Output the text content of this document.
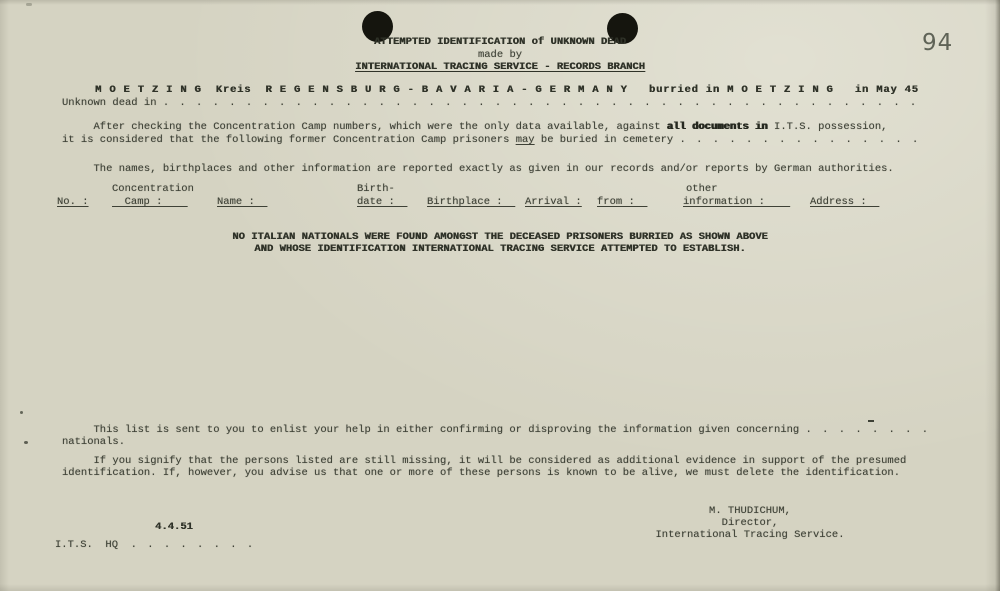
94
ATTEMPTED IDENTIFICATION of UNKNOWN DEAD
made by
INTERNATIONAL TRACING SERVICE - RECORDS BRANCH
M O E T Z I N G  Kreis  R E G E N S B U R G - B A V A R I A - G E R M A N Y   burried in M O E T Z I N G   in May 45
Unknown dead in . . . . . . . . . . . . . . . . . . . . . . . . . . . . . . . . . . . . . . . . . . . . . .
After checking the Concentration Camp numbers, which were the only data available, against all documents in I.T.S. possession,
it is considered that the following former Concentration Camp prisoners may be buried in cemetery . . . . . . . . . . . . . . .
The names, birthplaces and other information are reported exactly as given in our records and/or reports by German authorities.
Concentration	Birth-	other
No. : Camp :	Name :	date : Birthplace : Arrival : from :	information : Address :
NO ITALIAN NATIONALS WERE FOUND AMONGST THE DECEASED PRISONERS BURRIED AS SHOWN ABOVE
AND WHOSE IDENTIFICATION INTERNATIONAL TRACING SERVICE ATTEMPTED TO ESTABLISH.
This list is sent to you to enlist your help in either confirming or disproving the information given concerning . . . . . . . .
nationals.
If you signify that the persons listed are still missing, it will be considered as additional evidence in support of the presumed
identification. If, however, you advise us that one or more of these persons is known to be alive, we must delete the identification.
M. THUDICHUM,
Director,
International Tracing Service.
4.4.51
I.T.S.  HQ  . . . . . . . .
